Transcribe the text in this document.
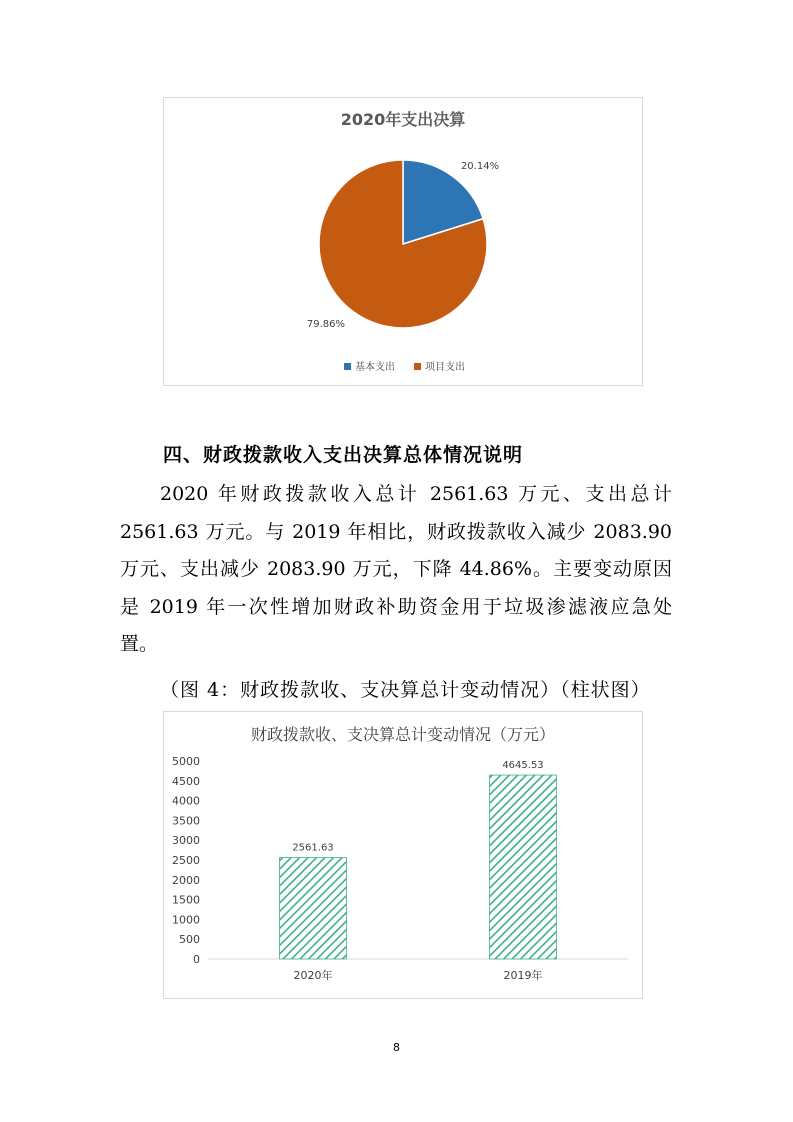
2020年支出决算
20.14%
79.86%
基本支出	项目支出
四、财政拨款收入支出决算总体情况说明
2020 年财政拨款收入总计 2561.63 万元、支出总计
2561.63 万元。与 2019 年相比，财政拨款收入减少 2083.90
万元、支出减少 2083.90 万元，下降 44.86%。主要变动原因
是 2019 年一次性增加财政补助资金用于垃圾渗滤液应急处
置。
（图 4：财政拨款收、支决算总计变动情况）（柱状图）
财政拨款收、支决算总计变动情况（万元）
0
500
1000
1500
2000
2500
3000
3500
4000
4500
5000
2561.63
4645.53
2020年	2019年
8
